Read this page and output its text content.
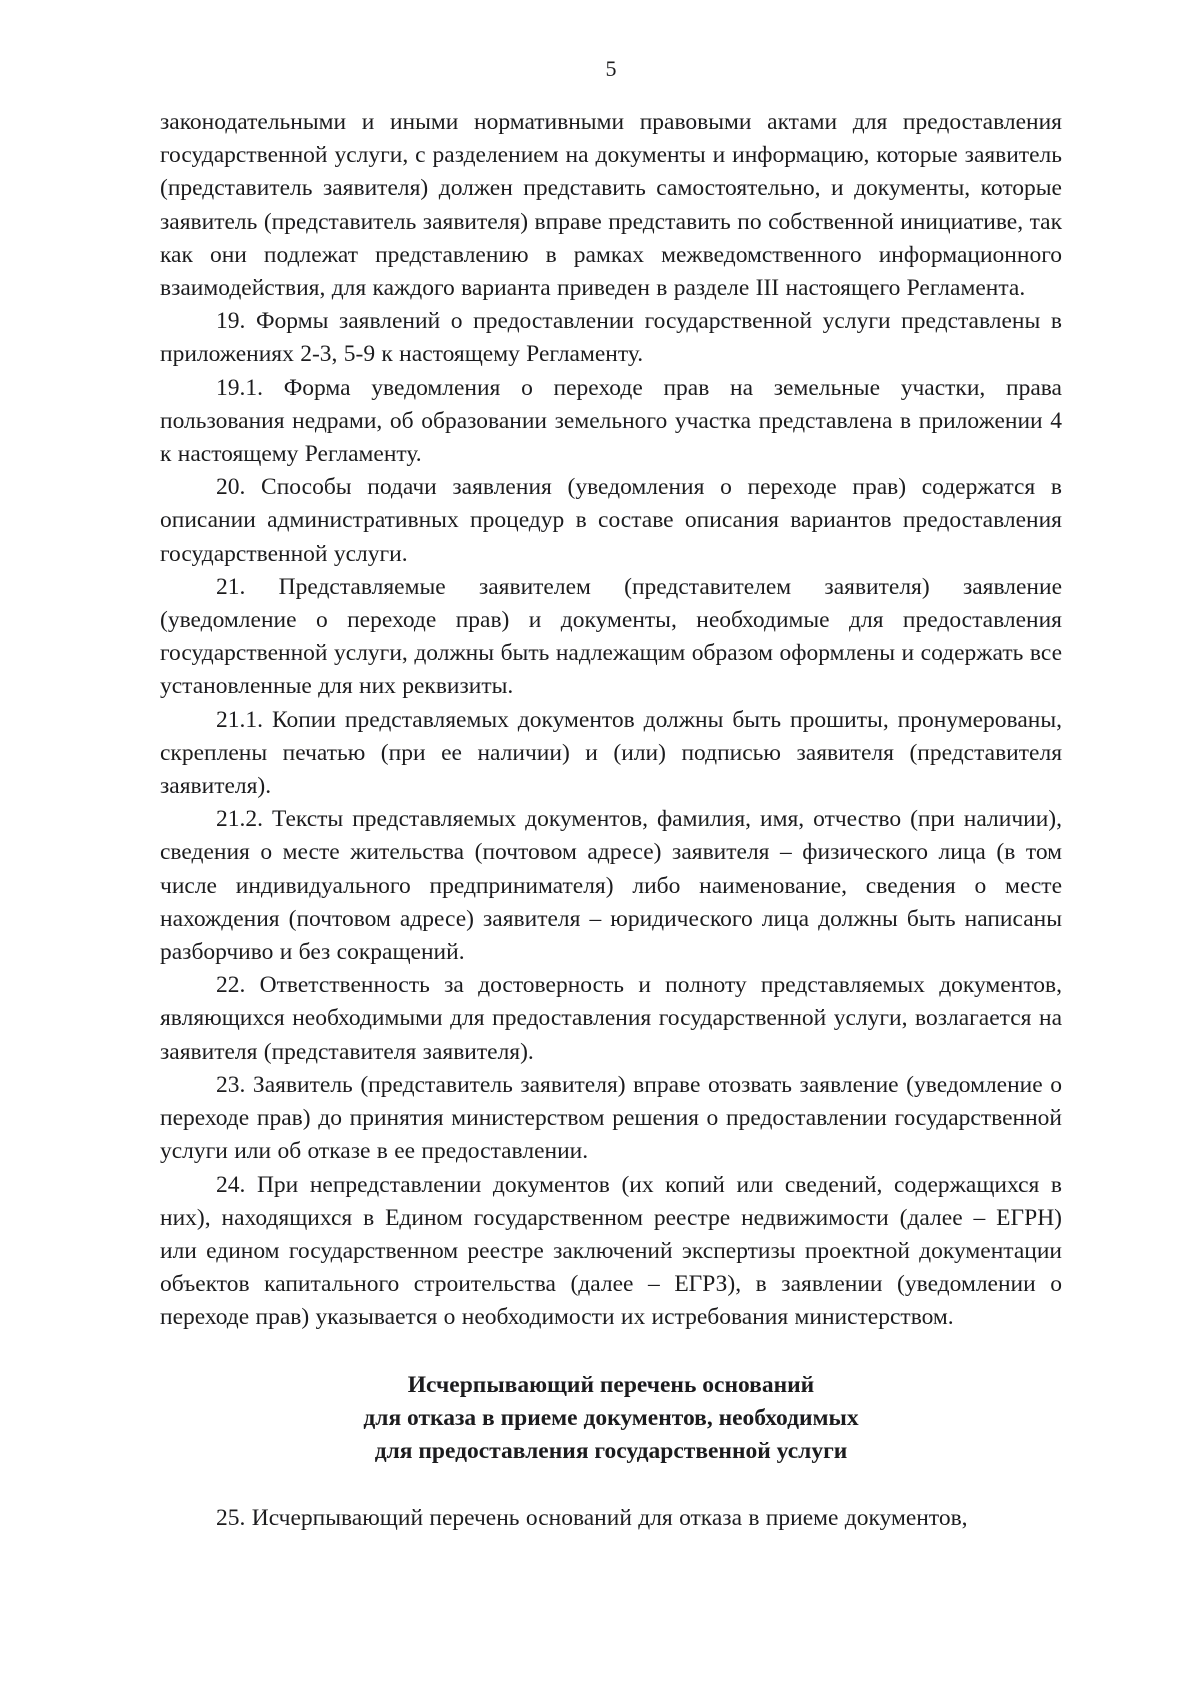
5

законодательными и иными нормативными правовыми актами для предоставления государственной услуги, с разделением на документы и информацию, которые заявитель (представитель заявителя) должен представить самостоятельно, и документы, которые заявитель (представитель заявителя) вправе представить по собственной инициативе, так как они подлежат представлению в рамках межведомственного информационного взаимодействия, для каждого варианта приведен в разделе III настоящего Регламента.

19. Формы заявлений о предоставлении государственной услуги представлены в приложениях 2-3, 5-9 к настоящему Регламенту.

19.1. Форма уведомления о переходе прав на земельные участки, права пользования недрами, об образовании земельного участка представлена в приложении 4 к настоящему Регламенту.

20. Способы подачи заявления (уведомления о переходе прав) содержатся в описании административных процедур в составе описания вариантов предоставления государственной услуги.

21. Представляемые заявителем (представителем заявителя) заявление (уведомление о переходе прав) и документы, необходимые для предоставления государственной услуги, должны быть надлежащим образом оформлены и содержать все установленные для них реквизиты.

21.1. Копии представляемых документов должны быть прошиты, пронумерованы, скреплены печатью (при ее наличии) и (или) подписью заявителя (представителя заявителя).

21.2. Тексты представляемых документов, фамилия, имя, отчество (при наличии), сведения о месте жительства (почтовом адресе) заявителя – физического лица (в том числе индивидуального предпринимателя) либо наименование, сведения о месте нахождения (почтовом адресе) заявителя – юридического лица должны быть написаны разборчиво и без сокращений.

22. Ответственность за достоверность и полноту представляемых документов, являющихся необходимыми для предоставления государственной услуги, возлагается на заявителя (представителя заявителя).

23. Заявитель (представитель заявителя) вправе отозвать заявление (уведомление о переходе прав) до принятия министерством решения о предоставлении государственной услуги или об отказе в ее предоставлении.

24. При непредставлении документов (их копий или сведений, содержащихся в них), находящихся в Едином государственном реестре недвижимости (далее – ЕГРН) или едином государственном реестре заключений экспертизы проектной документации объектов капитального строительства (далее – ЕГРЗ), в заявлении (уведомлении о переходе прав) указывается о необходимости их истребования министерством.

Исчерпывающий перечень оснований
для отказа в приеме документов, необходимых
для предоставления государственной услуги

25. Исчерпывающий перечень оснований для отказа в приеме документов,
